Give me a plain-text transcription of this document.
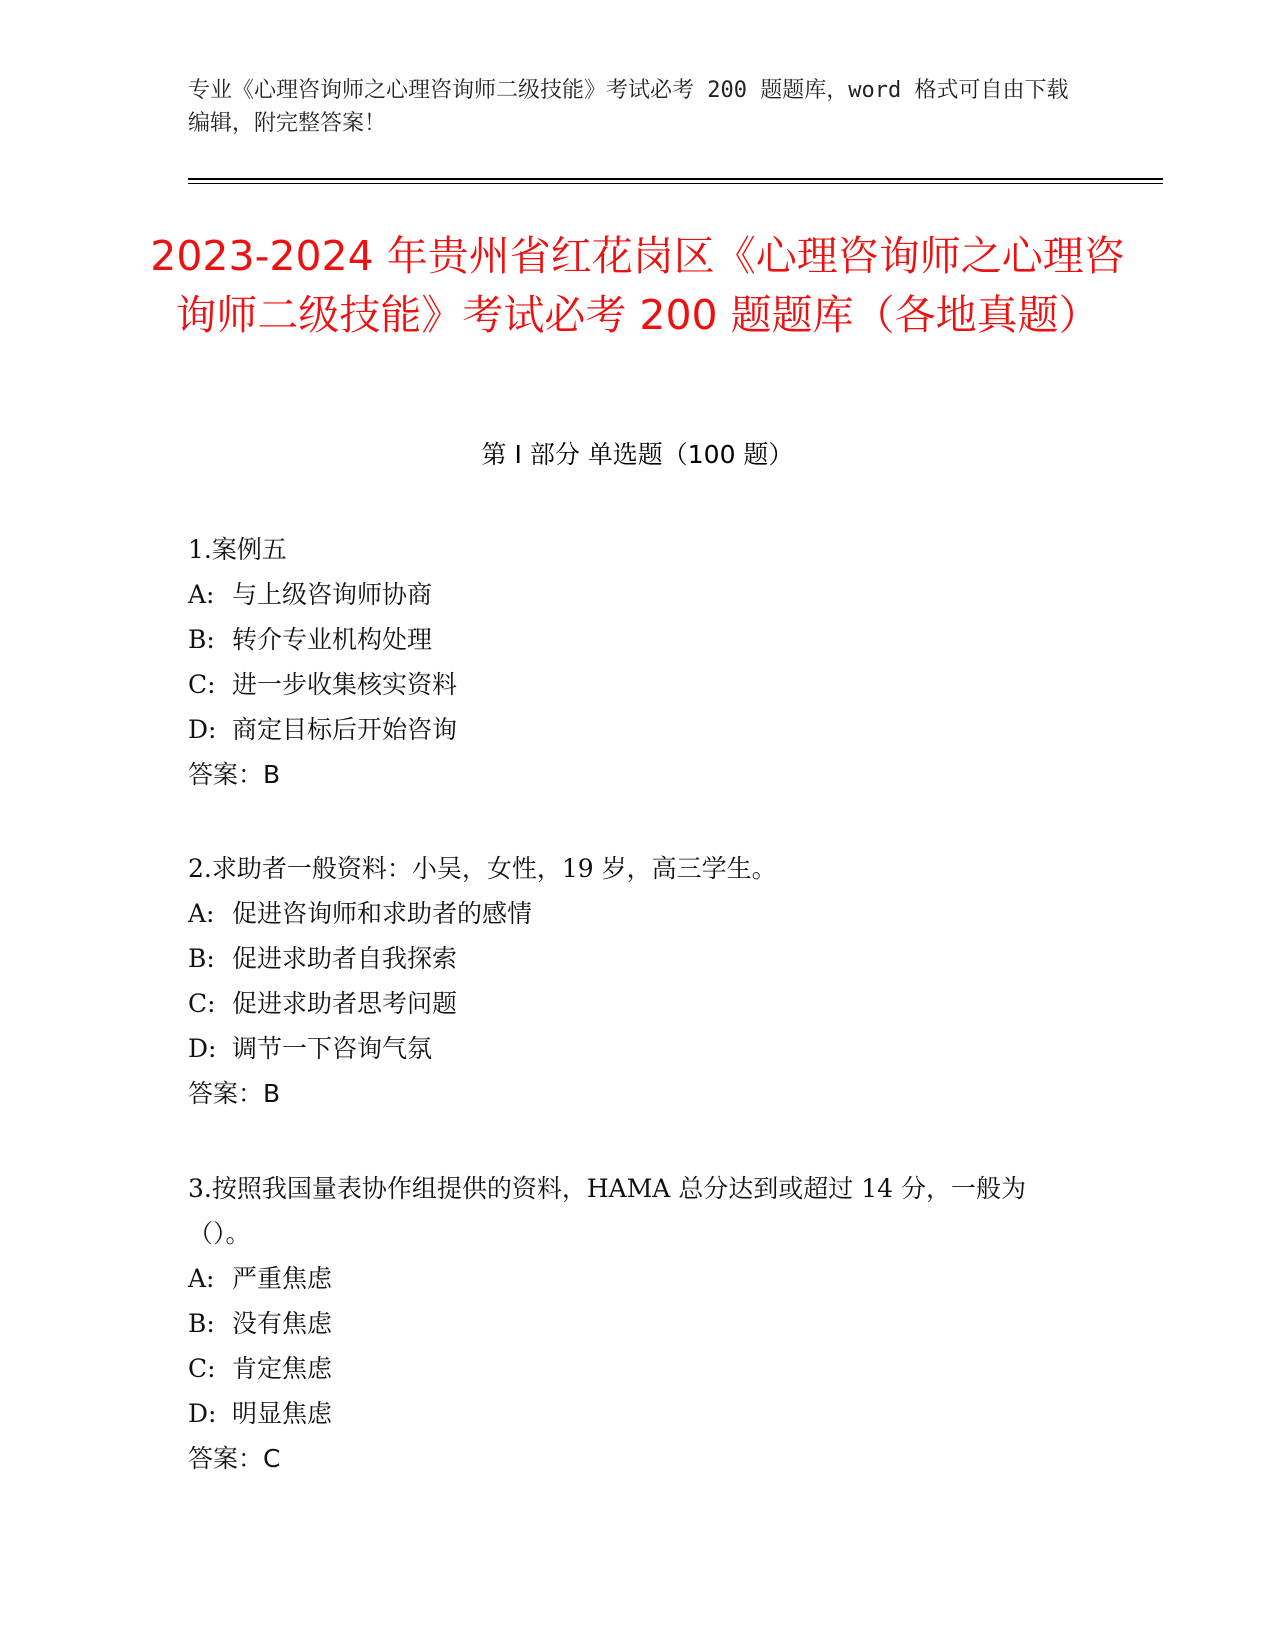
专业《心理咨询师之心理咨询师二级技能》考试必考 200 题题库，word 格式可自由下载编辑，附完整答案！
2023-2024 年贵州省红花岗区《心理咨询师之心理咨询师二级技能》考试必考 200 题题库（各地真题）
第 I 部分 单选题（100 题）

1.案例五

A: 与上级咨询师协商
B: 转介专业机构处理
C: 进一步收集核实资料
D: 商定目标后开始咨询
答案：B

2.求助者一般资料：小吴，女性，19 岁，高三学生。

A: 促进咨询师和求助者的感情
B: 促进求助者自我探索
C: 促进求助者思考问题
D: 调节一下咨询气氛
答案：B

3.按照我国量表协作组提供的资料，HAMA 总分达到或超过 14 分，一般为（）。

A: 严重焦虑
B: 没有焦虑
C: 肯定焦虑
D: 明显焦虑
答案：C
